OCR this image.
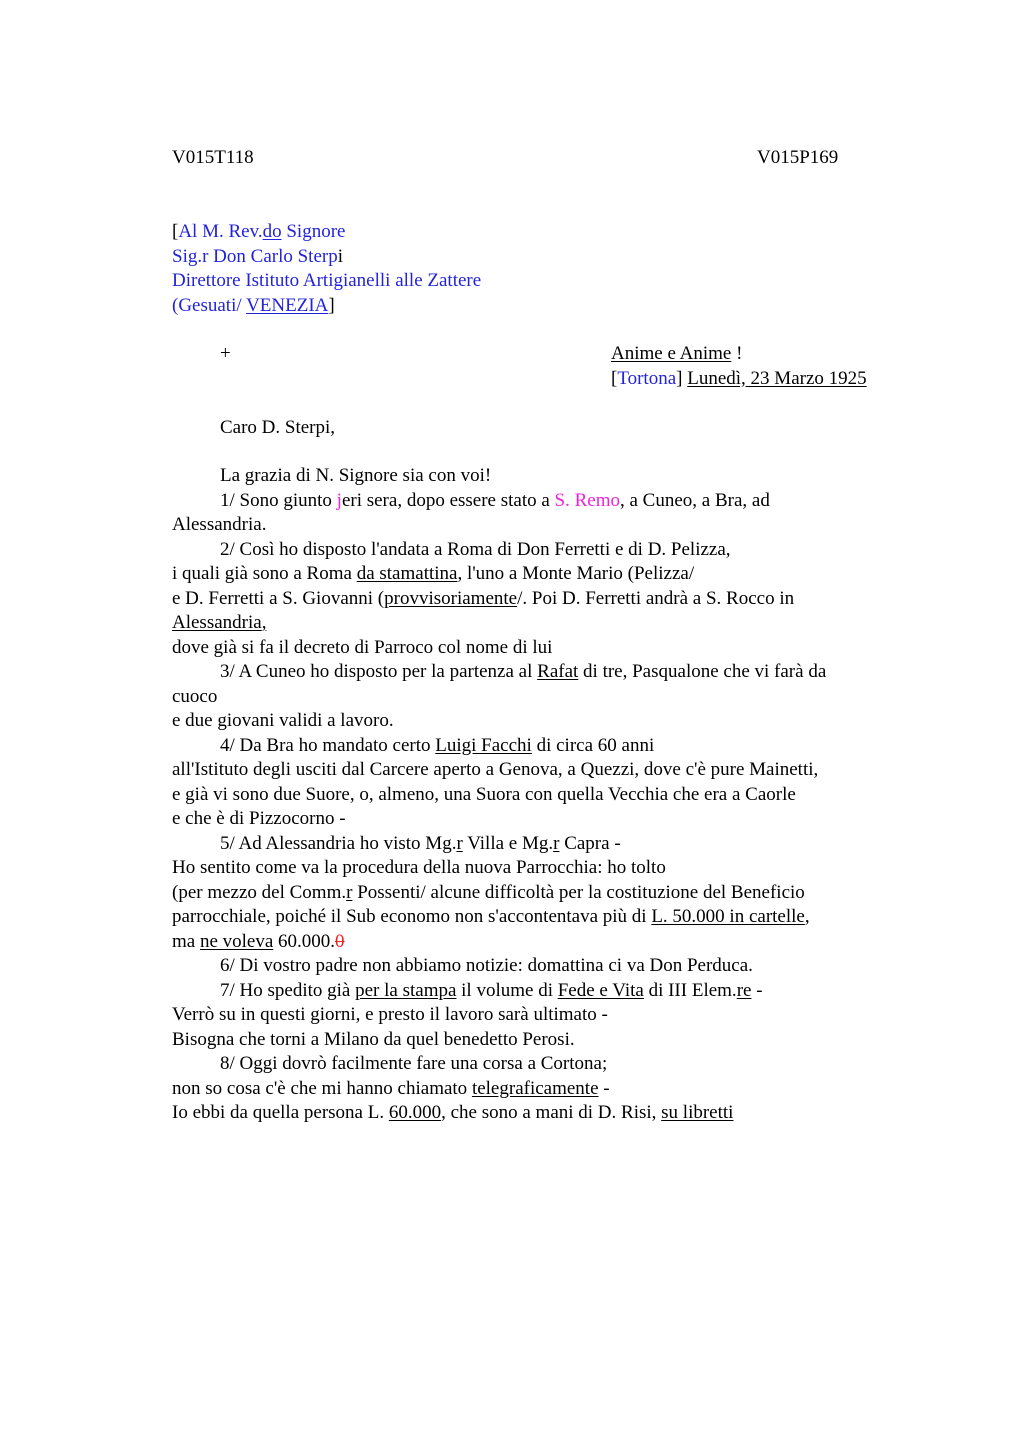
V015T118	V015P169
[Al M. Rev.do Signore
Sig.r Don Carlo Sterpi
Direttore Istituto Artigianelli alle Zattere
(Gesuati/ VENEZIA]
+	Anime e Anime !
[Tortona] Lunedì, 23 Marzo 1925
Caro D. Sterpi,
La grazia di N. Signore sia con voi!
1/ Sono giunto jeri sera, dopo essere stato a S. Remo, a Cuneo, a Bra, ad
Alessandria.
2/ Così ho disposto l'andata a Roma di Don Ferretti e di D. Pelizza,
i quali già sono a Roma da stamattina, l'uno a Monte Mario (Pelizza/
e D. Ferretti a S. Giovanni (provvisoriamente/. Poi D. Ferretti andrà a S. Rocco in
Alessandria,
dove già si fa il decreto di Parroco col nome di lui
3/ A Cuneo ho disposto per la partenza al Rafat di tre, Pasqualone che vi farà da
cuoco
e due giovani validi a lavoro.
4/ Da Bra ho mandato certo Luigi Facchi di circa 60 anni
all'Istituto degli usciti dal Carcere aperto a Genova, a Quezzi, dove c'è pure Mainetti,
e già vi sono due Suore, o, almeno, una Suora con quella Vecchia che era a Caorle
e che è di Pizzocorno -
5/ Ad Alessandria ho visto Mg.r Villa e Mg.r Capra -
Ho sentito come va la procedura della nuova Parrocchia: ho tolto
(per mezzo del Comm.r Possenti/ alcune difficoltà per la costituzione del Beneficio
parrocchiale, poiché il Sub economo non s'accontentava più di L. 50.000 in cartelle,
ma ne voleva 60.000.0
6/ Di vostro padre non abbiamo notizie: domattina ci va Don Perduca.
7/ Ho spedito già per la stampa il volume di Fede e Vita di III Elem.re -
Verrò su in questi giorni, e presto il lavoro sarà ultimato -
Bisogna che torni a Milano da quel benedetto Perosi.
8/ Oggi dovrò facilmente fare una corsa a Cortona;
non so cosa c'è che mi hanno chiamato telegraficamente -
Io ebbi da quella persona L. 60.000, che sono a mani di D. Risi, su libretti
